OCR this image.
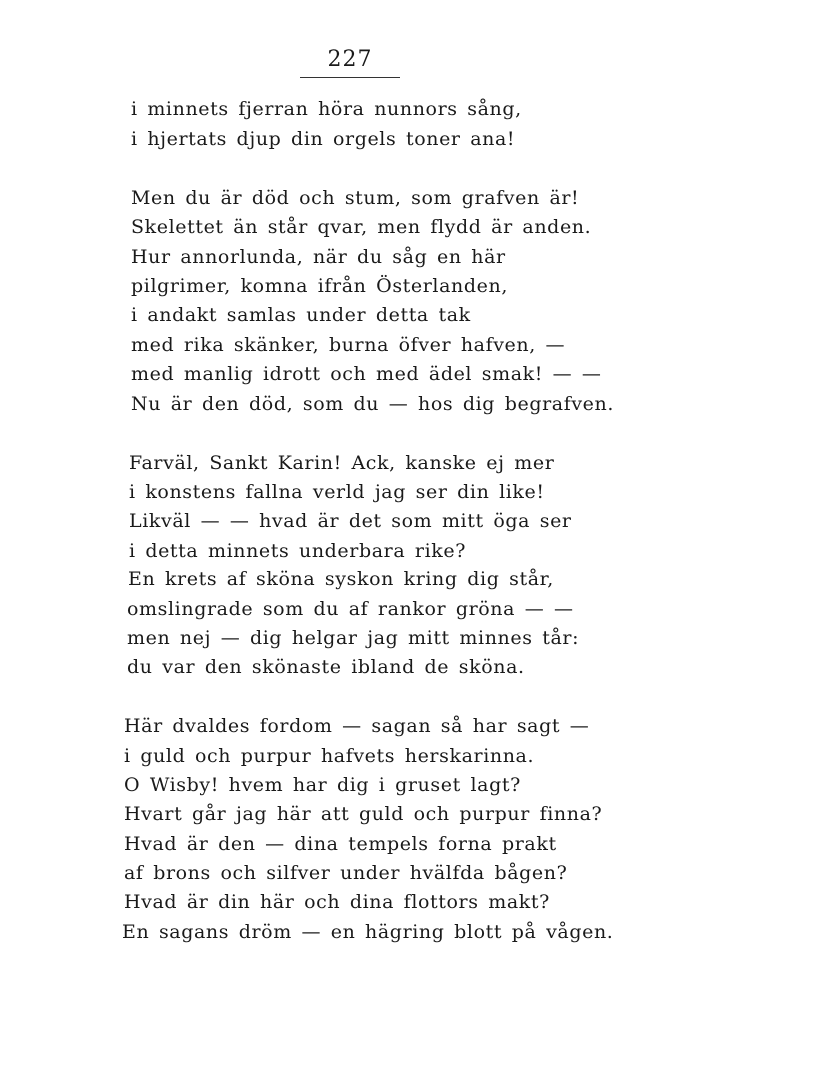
227
i minnets fjerran höra nunnors sång,
i hjertats djup din orgels toner ana!
Men du är död och stum, som grafven är!
Skelettet än står qvar, men flydd är anden.
Hur annorlunda, när du såg en här
pilgrimer, komna ifrån Österlanden,
i andakt samlas under detta tak
med rika skänker, burna öfver hafven, —
med manlig idrott och med ädel smak! — —
Nu är den död, som du — hos dig begrafven.
Farväl, Sankt Karin! Ack, kanske ej mer
i konstens fallna verld jag ser din like!
Likväl — — hvad är det som mitt öga ser
i detta minnets underbara rike?
En krets af sköna syskon kring dig står,
omslingrade som du af rankor gröna — —
men nej — dig helgar jag mitt minnes tår:
du var den skönaste ibland de sköna.
Här dvaldes fordom — sagan så har sagt —
i guld och purpur hafvets herskarinna.
O Wisby! hvem har dig i gruset lagt?
Hvart går jag här att guld och purpur finna?
Hvad är den — dina tempels forna prakt
af brons och silfver under hvälfda bågen?
Hvad är din här och dina flottors makt?
En sagans dröm — en hägring blott på vågen.
